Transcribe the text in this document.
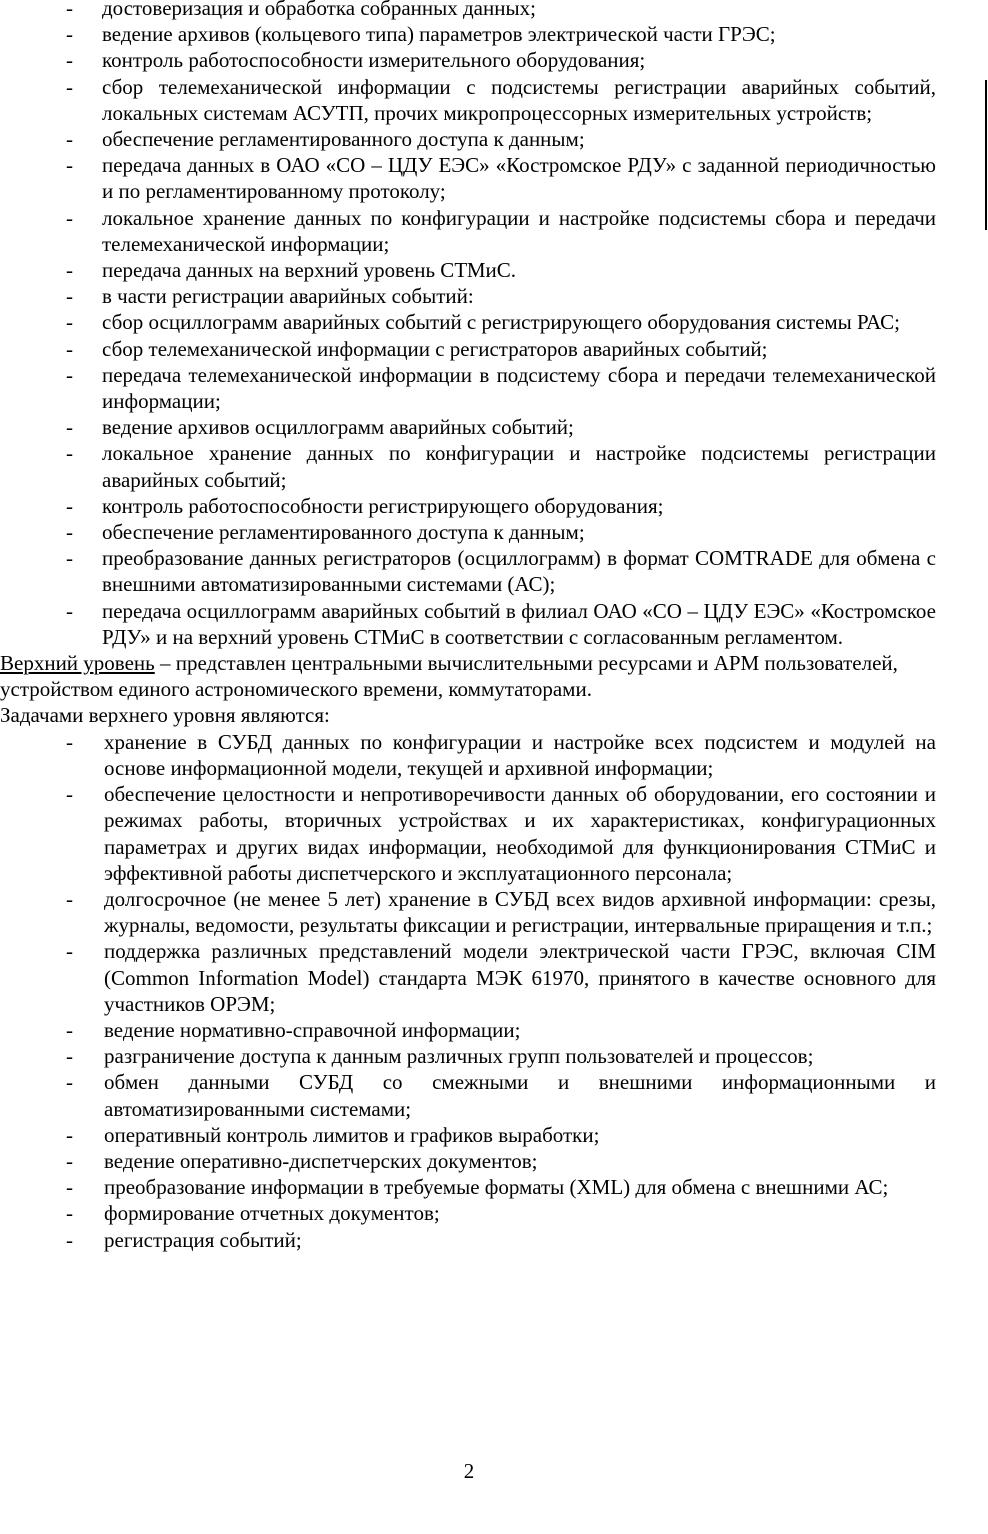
- достоверизация и обработка собранных данных;
- ведение архивов (кольцевого типа) параметров электрической части ГРЭС;
- контроль работоспособности измерительного оборудования;
- сбор телемеханической информации с подсистемы регистрации аварийных событий, локальных системам АСУТП, прочих микропроцессорных измерительных устройств;
- обеспечение регламентированного доступа к данным;
- передача данных в ОАО «СО – ЦДУ ЕЭС» «Костромское РДУ» с заданной периодичностью и по регламентированному протоколу;
- локальное хранение данных по конфигурации и настройке подсистемы сбора и передачи телемеханической информации;
- передача данных на верхний уровень СТМиС.
- в части регистрации аварийных событий:
- сбор осциллограмм аварийных событий с регистрирующего оборудования системы РАС;
- сбор телемеханической информации с регистраторов аварийных событий;
- передача телемеханической информации в подсистему сбора и передачи телемеханической информации;
- ведение архивов осциллограмм аварийных событий;
- локальное хранение данных по конфигурации и настройке подсистемы регистрации аварийных событий;
- контроль работоспособности регистрирующего оборудования;
- обеспечение регламентированного доступа к данным;
- преобразование данных регистраторов (осциллограмм) в формат COMTRADE для обмена с внешними автоматизированными системами (АС);
- передача осциллограмм аварийных событий в филиал ОАО «СО – ЦДУ ЕЭС» «Костромское РДУ» и на верхний уровень СТМиС в соответствии с согласованным регламентом.

Верхний уровень – представлен центральными вычислительными ресурсами и АРМ пользователей, устройством единого астрономического времени, коммутаторами.

Задачами верхнего уровня являются:

- хранение в СУБД данных по конфигурации и настройке всех подсистем и модулей на основе информационной модели, текущей и архивной информации;
- обеспечение целостности и непротиворечивости данных об оборудовании, его состоянии и режимах работы, вторичных устройствах и их характеристиках, конфигурационных параметрах и других видах информации, необходимой для функционирования СТМиС и эффективной работы диспетчерского и эксплуатационного персонала;
- долгосрочное (не менее 5 лет) хранение в СУБД всех видов архивной информации: срезы, журналы, ведомости, результаты фиксации и регистрации, интервальные приращения и т.п.;
- поддержка различных представлений модели электрической части ГРЭС, включая CIM (Common Information Model) стандарта МЭК 61970, принятого в качестве основного для участников ОРЭМ;
- ведение нормативно-справочной информации;
- разграничение доступа к данным различных групп пользователей и процессов;
- обмен данными СУБД со смежными и внешними информационными и автоматизированными системами;
- оперативный контроль лимитов и графиков выработки;
- ведение оперативно-диспетчерских документов;
- преобразование информации в требуемые форматы (XML) для обмена с внешними АС;
- формирование отчетных документов;
- регистрация событий;
2
